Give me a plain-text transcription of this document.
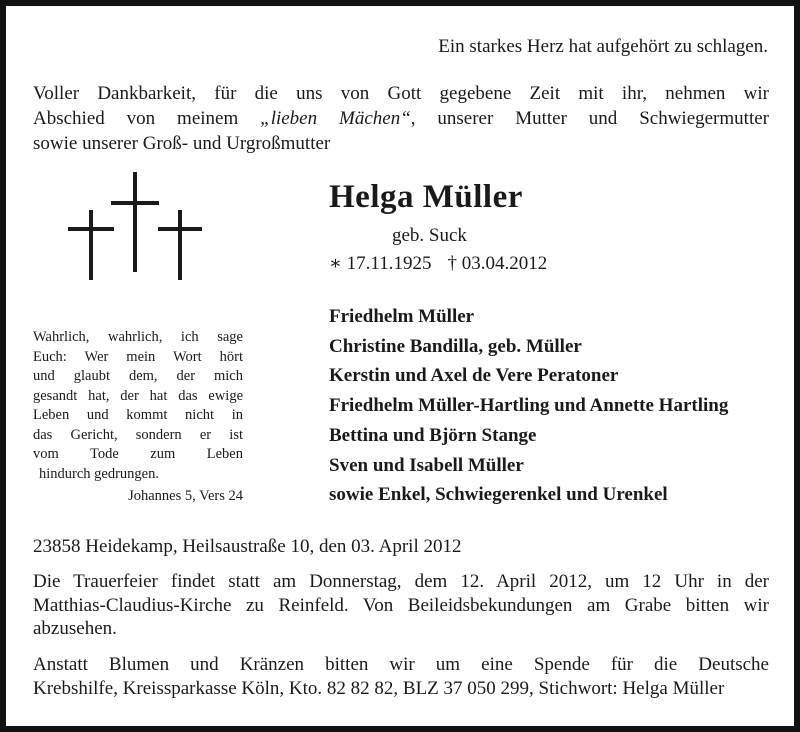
Ein starkes Herz hat aufgehört zu schlagen.
Voller Dankbarkeit, für die uns von Gott gegebene Zeit mit ihr, nehmen wir
Abschied von meinem „lieben Mächen“, unserer Mutter und Schwiegermutter
sowie unserer Groß- und Urgroßmutter
Helga Müller
geb. Suck
∗ 17.11.1925 † 03.04.2012
Wahrlich, wahrlich, ich sage
Euch: Wer mein Wort hört
und glaubt dem, der mich
gesandt hat, der hat das ewige
Leben und kommt nicht in
das Gericht, sondern er ist
vom Tode zum Leben
hindurch gedrungen.
Johannes 5, Vers 24
Friedhelm Müller
Christine Bandilla, geb. Müller
Kerstin und Axel de Vere Peratoner
Friedhelm Müller-Hartling und Annette Hartling
Bettina und Björn Stange
Sven und Isabell Müller
sowie Enkel, Schwiegerenkel und Urenkel
23858 Heidekamp, Heilsaustraße 10, den 03. April 2012
Die Trauerfeier findet statt am Donnerstag, dem 12. April 2012, um 12 Uhr in der
Matthias-Claudius-Kirche zu Reinfeld. Von Beileidsbekundungen am Grabe bitten wir
abzusehen.
Anstatt Blumen und Kränzen bitten wir um eine Spende für die Deutsche
Krebshilfe, Kreissparkasse Köln, Kto. 82 82 82, BLZ 37 050 299, Stichwort: Helga Müller
